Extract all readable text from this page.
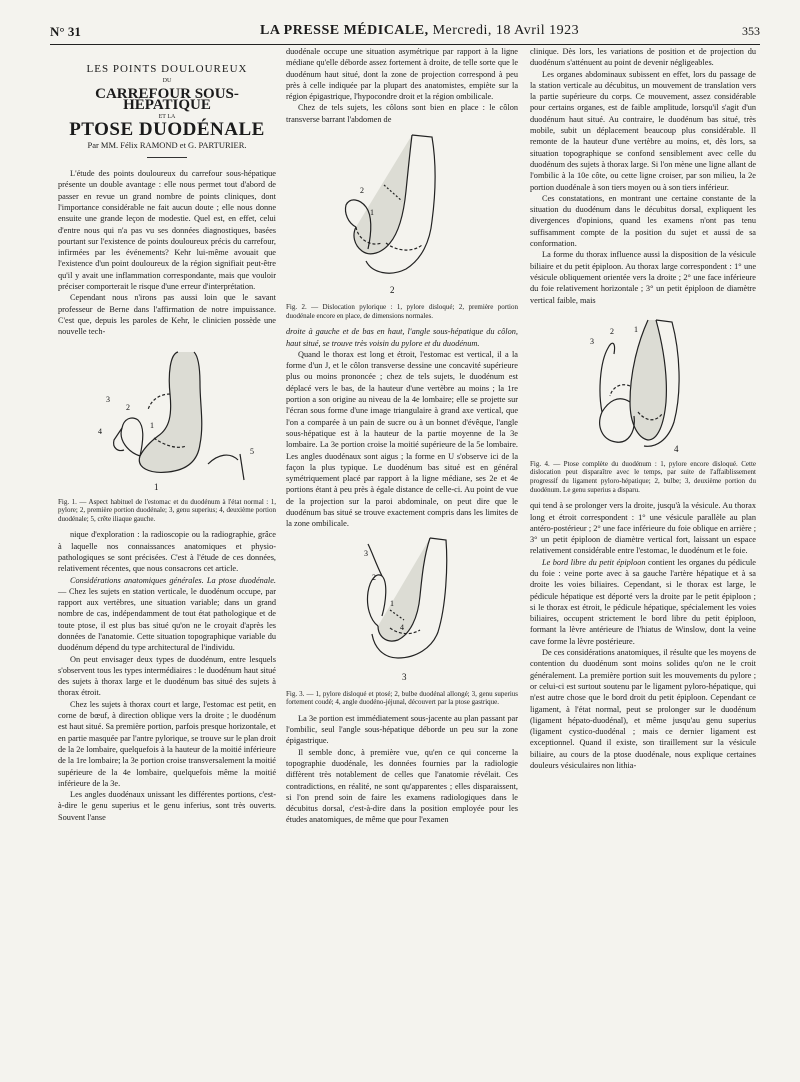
N° 31	LA PRESSE MÉDICALE, Mercredi, 18 Avril 1923	353
LES POINTS DOULOUREUX
DU
CARREFOUR SOUS-HÉPATIQUE
ET LA
PTOSE DUODÉNALE
Par MM. Félix RAMOND et G. PARTURIER.

L'étude des points douloureux du carrefour sous-hépatique présente un double avantage : elle nous permet tout d'abord de passer en revue un grand nombre de points cliniques, dont l'importance considérable ne fait aucun doute ; elle nous donne ensuite une grande leçon de modestie. Quel est, en effet, celui d'entre nous qui n'a pas vu ses données diagnostiques, basées pourtant sur l'existence de points douloureux précis du carrefour, infirmées par les événements? Kehr lui-même avouait que l'existence d'un point douloureux de la région signifiait peut-être qu'il y avait une inflammation correspondante, mais que vouloir préciser comporterait le risque d'une erreur d'interprétation.

Cependant nous n'irons pas aussi loin que le savant professeur de Berne dans l'affirmation de notre impuissance. C'est que, depuis les paroles de Kehr, le clinicien possède une nouvelle tech-

3
2
1
4
5
1
Fig. 1. — Aspect habituel de l'estomac et du duodénum à l'état normal : 1, pylore; 2, première portion duodénale; 3, genu superius; 4, deuxième portion duodénale; 5, crête iliaque gauche.

nique d'exploration : la radioscopie ou la radiographie, grâce à laquelle nos connaissances anatomiques et physio-pathologiques se sont précisées. C'est à l'étude de ces données, relativement récentes, que nous consacrons cet article.

Considérations anatomiques générales. La ptose duodénale. — Chez les sujets en station verticale, le duodénum occupe, par rapport aux vertèbres, une situation variable; dans un grand nombre de cas, indépendamment de tout état pathologique et de toute ptose, il est plus bas situé qu'on ne le croyait d'après les données de l'anatomie. Cette situation topographique variable du duodénum dépend du type architectural de l'individu.

On peut envisager deux types de duodénum, entre lesquels s'observent tous les types intermédiaires : le duodénum haut situé des sujets à thorax large et le duodénum bas situé des sujets à thorax étroit.

Chez les sujets à thorax court et large, l'estomac est petit, en corne de bœuf, à direction oblique vers la droite ; le duodénum est haut situé. Sa première portion, parfois presque horizontale, et en partie masquée par l'antre pylorique, se trouve sur le plan droit de la 2e lombaire, quelquefois à la hauteur de la moitié inférieure de la 1re lombaire; la 3e portion croise transversalement la moitié supérieure de la 4e lombaire, quelquefois même la moitié inférieure de la 3e.

Les angles duodénaux unissant les différentes portions, c'est-à-dire le genu superius et le genu inferius, sont très ouverts. Souvent l'anse

duodénale occupe une situation asymétrique par rapport à la ligne médiane qu'elle déborde assez fortement à droite, de telle sorte que le duodénum haut situé, dont la zone de projection correspond à peu près à celle indiquée par la plupart des anatomistes, empiète sur la région épigastrique, l'hypocondre droit et la région ombilicale.

Chez de tels sujets, les côlons sont bien en place : le côlon transverse barrant l'abdomen de

2
1
2
Fig. 2. — Dislocation pylorique : 1, pylore disloqué; 2, première portion duodénale encore en place, de dimensions normales.

droite à gauche et de bas en haut, l'angle sous-hépatique du côlon, haut situé, se trouve très voisin du pylore et du duodénum.

Quand le thorax est long et étroit, l'estomac est vertical, il a la forme d'un J, et le côlon transverse dessine une concavité supérieure plus ou moins prononcée ; chez de tels sujets, le duodénum est déplacé vers le bas, de la hauteur d'une vertèbre au moins ; la 1re portion a son origine au niveau de la 4e lombaire; elle se projette sur l'écran sous forme d'une image triangulaire à grand axe vertical, que l'on a comparée à un pain de sucre ou à un bonnet d'évêque, l'angle sous-hépatique est à la hauteur de la partie moyenne de la 3e lombaire. La 3e portion croise la moitié supérieure de la 5e lombaire. Les angles duodénaux sont aigus ; la forme en U s'observe ici de la façon la plus typique. Le duodénum bas situé est en général symétriquement placé par rapport à la ligne médiane, ses 2e et 4e portions étant à peu près à égale distance de celle-ci. Au point de vue de la projection sur la paroi abdominale, on peut dire que le duodénum bas situé se trouve exactement compris dans les limites de la zone ombilicale.

3
2
1
4
3
Fig. 3. — 1, pylore disloqué et ptosé; 2, bulbe duodénal allongé; 3, genu superius fortement coudé; 4, angle duodéno-jéjunal, découvert par la ptose gastrique.

La 3e portion est immédiatement sous-jacente au plan passant par l'ombilic, seul l'angle sous-hépatique déborde un peu sur la zone épigastrique.

Il semble donc, à première vue, qu'en ce qui concerne la topographie duodénale, les données fournies par la radiologie diffèrent très notablement de celles que l'anatomie révélait. Ces contradictions, en réalité, ne sont qu'apparentes ; elles disparaissent, si l'on prend soin de faire les examens radiologiques dans le décubitus dorsal, c'est-à-dire dans la position employée pour les études anatomiques, de même que pour l'examen

clinique. Dès lors, les variations de position et de projection du duodénum s'atténuent au point de devenir négligeables.

Les organes abdominaux subissent en effet, lors du passage de la station verticale au décubitus, un mouvement de translation vers la partie supérieure du corps. Ce mouvement, assez considérable pour certains organes, est de faible amplitude, lorsqu'il s'agit d'un duodénum haut situé. Au contraire, le duodénum bas situé, très mobile, subit un déplacement beaucoup plus considérable. Il remonte de la hauteur d'une vertèbre au moins, et, dès lors, sa situation topographique se confond sensiblement avec celle du duodénum des sujets à thorax large. Si l'on mène une ligne allant de l'ombilic à la 10e côte, ou cette ligne croiser, par son milieu, la 2e portion duodénale à son tiers moyen ou à son tiers inférieur.

Ces constatations, en montrant une certaine constante de la situation du duodénum dans le décubitus dorsal, expliquent les divergences d'opinions, quand les examens n'ont pas tenu suffisamment compte de la position du sujet et aussi de sa conformation.

La forme du thorax influence aussi la disposition de la vésicule biliaire et du petit épiploon. Au thorax large correspondent : 1° une vésicule obliquement orientée vers la droite ; 2° une face inférieure du foie relativement horizontale ; 3° un petit épiploon de diamètre vertical faible, mais

3
2	1
4
Fig. 4. — Ptose complète du duodénum : 1, pylore encore disloqué. Cette dislocation peut disparaître avec le temps, par suite de l'affaiblissement progressif du ligament pyloro-hépatique; 2, bulbe; 3, deuxième portion du duodénum. Le genu superius a disparu.

qui tend à se prolonger vers la droite, jusqu'à la vésicule. Au thorax long et étroit correspondent : 1° une vésicule parallèle au plan antéro-postérieur ; 2° une face inférieure du foie oblique en arrière ; 3° un petit épiploon de diamètre vertical fort, laissant un espace relativement considérable entre l'estomac, le duodénum et le foie.

Le bord libre du petit épiploon contient les organes du pédicule du foie : veine porte avec à sa gauche l'artère hépatique et à sa droite les voies biliaires. Cependant, si le thorax est large, le pédicule hépatique est déporté vers la droite par le petit épiploon ; si le thorax est étroit, le pédicule hépatique, spécialement les voies biliaires, occupent strictement le bord libre du petit épiploon, formant la lèvre antérieure de l'hiatus de Winslow, dont la veine cave forme la lèvre postérieure.

De ces considérations anatomiques, il résulte que les moyens de contention du duodénum sont moins solides qu'on ne le croit généralement. La première portion suit les mouvements du pylore ; or celui-ci est surtout soutenu par le ligament pyloro-hépatique, qui n'est autre chose que le bord droit du petit épiploon. Cependant ce ligament, à l'état normal, peut se prolonger sur le duodénum (ligament hépato-duodénal), et même jusqu'au genu superius (ligament cystico-duodénal ; mais ce dernier ligament est exceptionnel. Quand il existe, son tiraillement sur la vésicule biliaire, au cours de la ptose duodénale, nous explique certaines douleurs vésiculaires non lithia-
